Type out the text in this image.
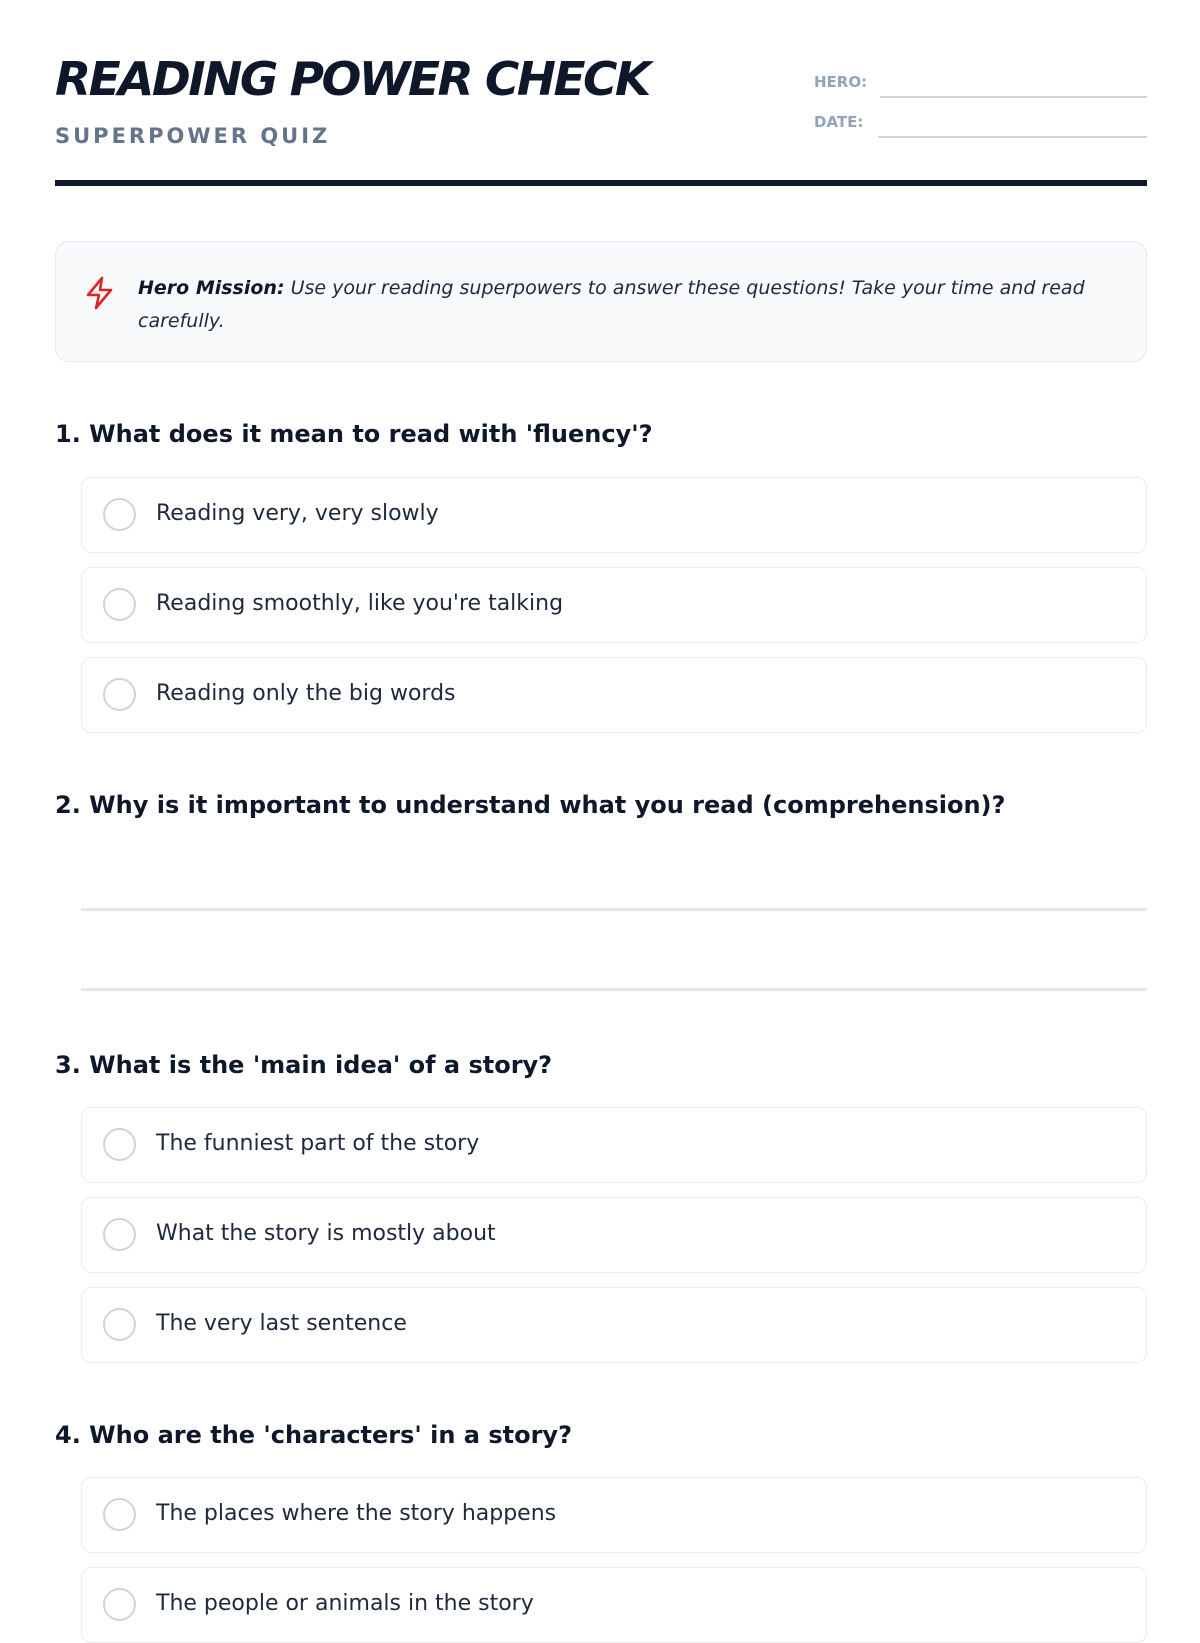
READING POWER CHECK
SUPERPOWER QUIZ
HERO:
DATE:
Hero Mission: Use your reading superpowers to answer these questions! Take your time and read carefully.
1. What does it mean to read with 'fluency'?
Reading very, very slowly
Reading smoothly, like you're talking
Reading only the big words
2. Why is it important to understand what you read (comprehension)?
3. What is the 'main idea' of a story?
The funniest part of the story
What the story is mostly about
The very last sentence
4. Who are the 'characters' in a story?
The places where the story happens
The people or animals in the story
